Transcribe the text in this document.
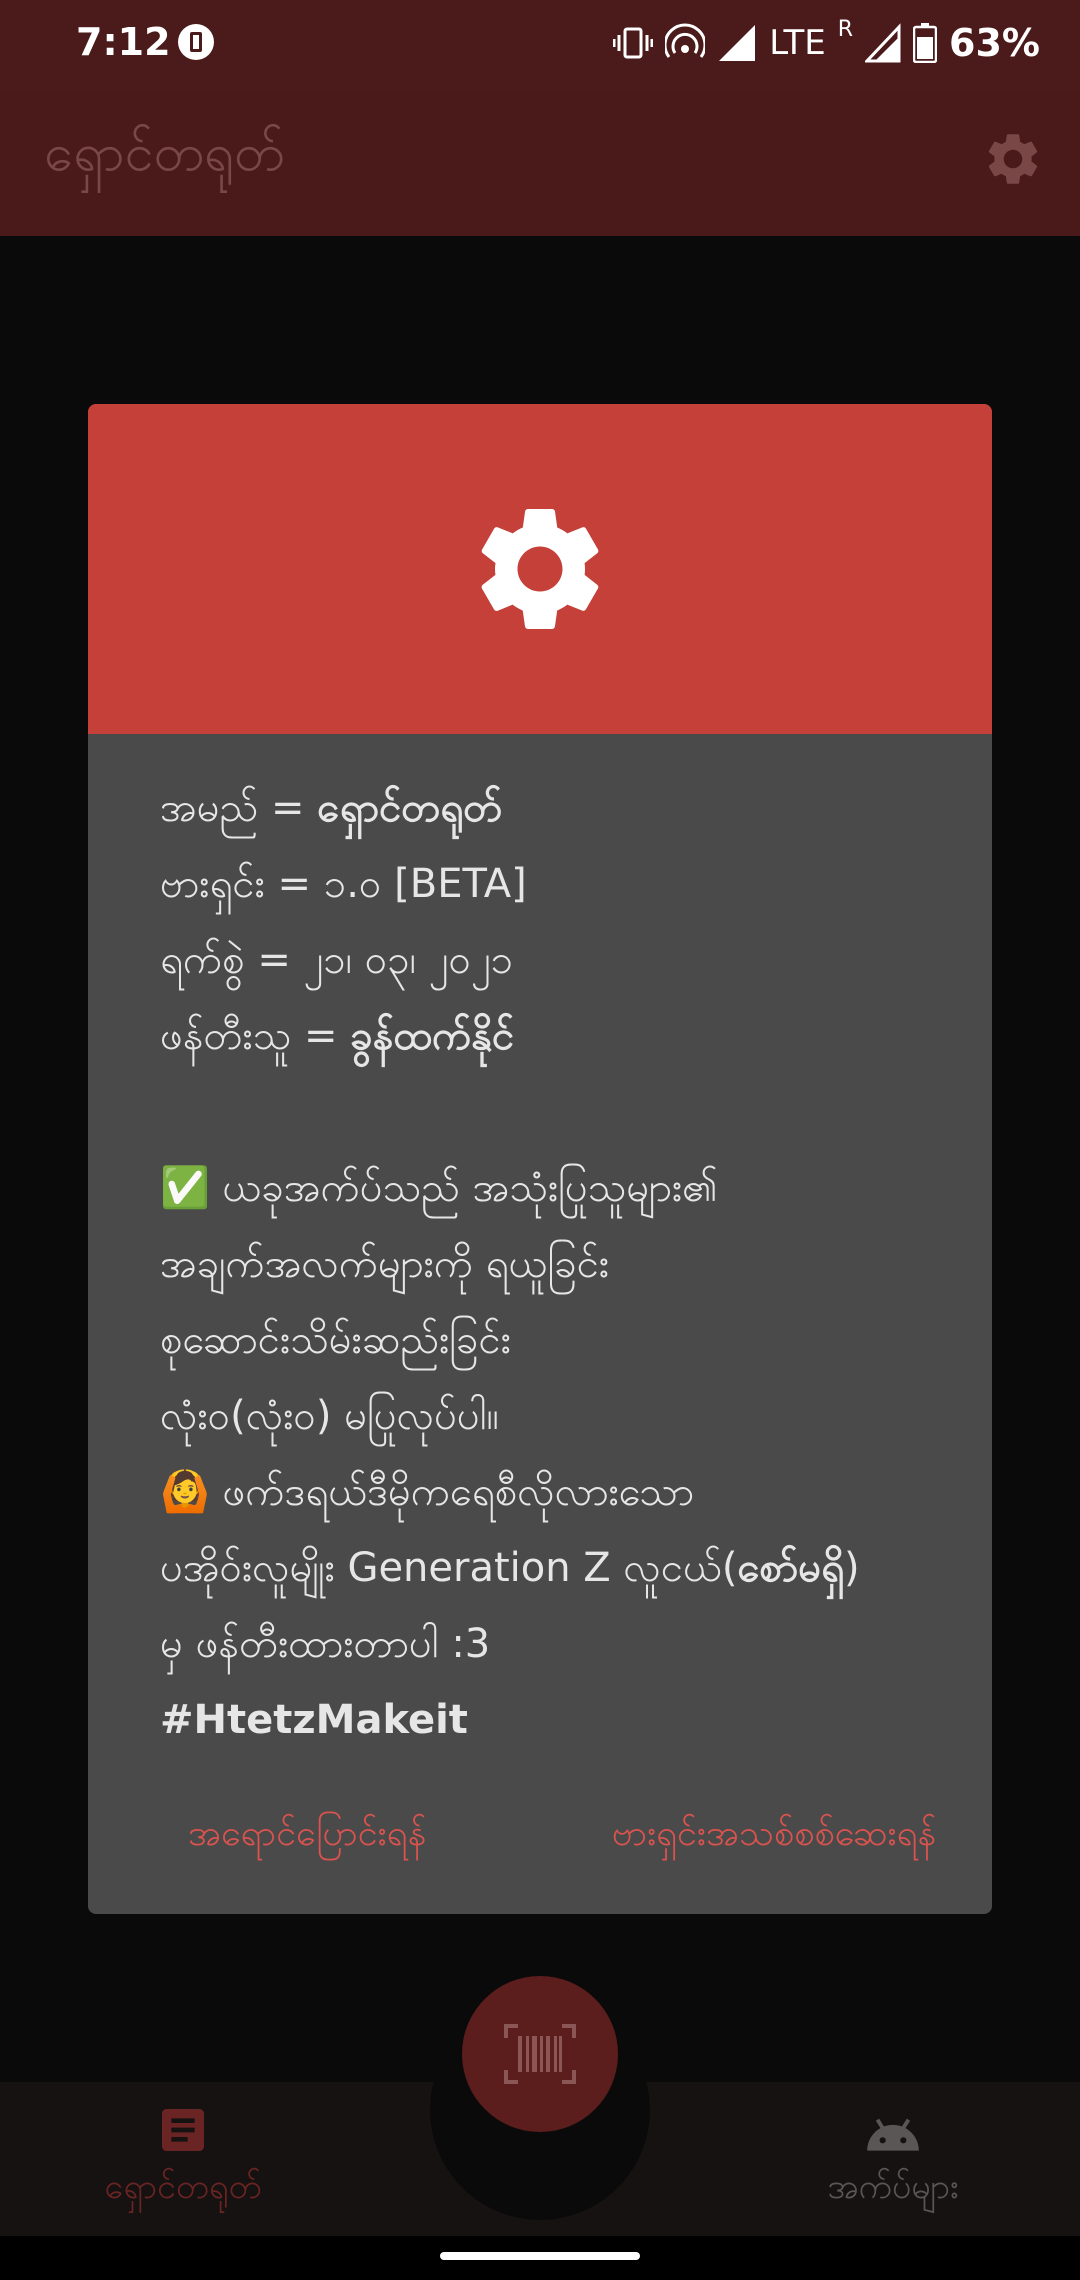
7:12	LTE R	63%
ရှောင်တရုတ်
အမည် = ရှောင်တရုတ်
ဗားရှင်း = ၁.၀ [BETA]
ရက်စွဲ = ၂၁၊ ၀၃၊ ၂၀၂၁
ဖန်တီးသူ = ခွန်ထက်နိုင်
✅ ယခုအက်ပ်သည် အသုံးပြုသူများ၏
အချက်အလက်များကို ရယူခြင်း
စုဆောင်းသိမ်းဆည်းခြင်း
လုံး၀(လုံး၀) မပြုလုပ်ပါ။
🙆 ဖက်ဒရယ်ဒီမိုကရေစီလိုလားသော
ပအိုဝ်းလူမျိုး Generation Z လူငယ်(စော်မရှိ)
မှ ဖန်တီးထားတာပါ :3
#HtetzMakeit
အရောင်ပြောင်းရန်	ဗားရှင်းအသစ်စစ်ဆေးရန်
ရှောင်တရုတ်	အက်ပ်များ
